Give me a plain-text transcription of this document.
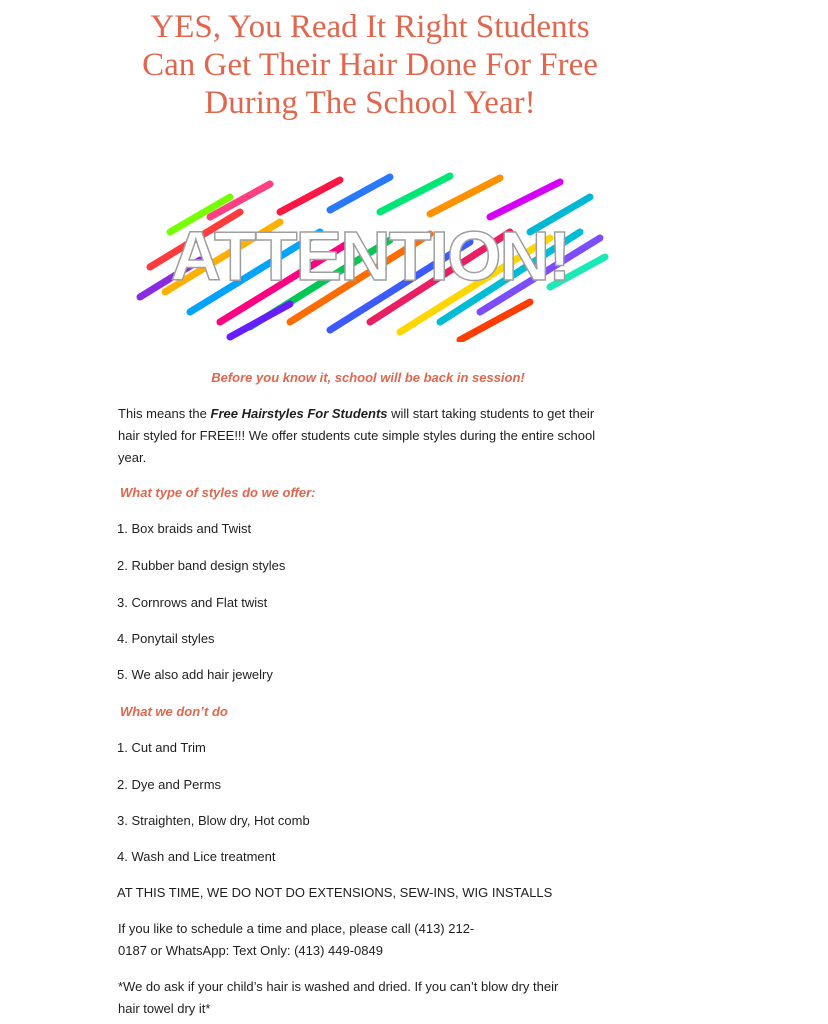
YES, You Read It Right Students
Can Get Their Hair Done For Free
During The School Year!
ATTENTION!

Before you know it, school will be back in session!

This means the Free Hairstyles For Students will start taking students to get their hair styled for FREE!!! We offer students cute simple styles during the entire school year.

What type of styles do we offer:

1. Box braids and Twist

2. Rubber band design styles

3. Cornrows and Flat twist

4. Ponytail styles

5. We also add hair jewelry

What we don’t do

1. Cut and Trim

2. Dye and Perms

3. Straighten, Blow dry, Hot comb

4. Wash and Lice treatment

AT THIS TIME, WE DO NOT DO EXTENSIONS, SEW-INS, WIG INSTALLS

If you like to schedule a time and place, please call (413) 212-
0187 or WhatsApp: Text Only: (413) 449-0849

*We do ask if your child’s hair is washed and dried. If you can’t blow dry their
hair towel dry it*
